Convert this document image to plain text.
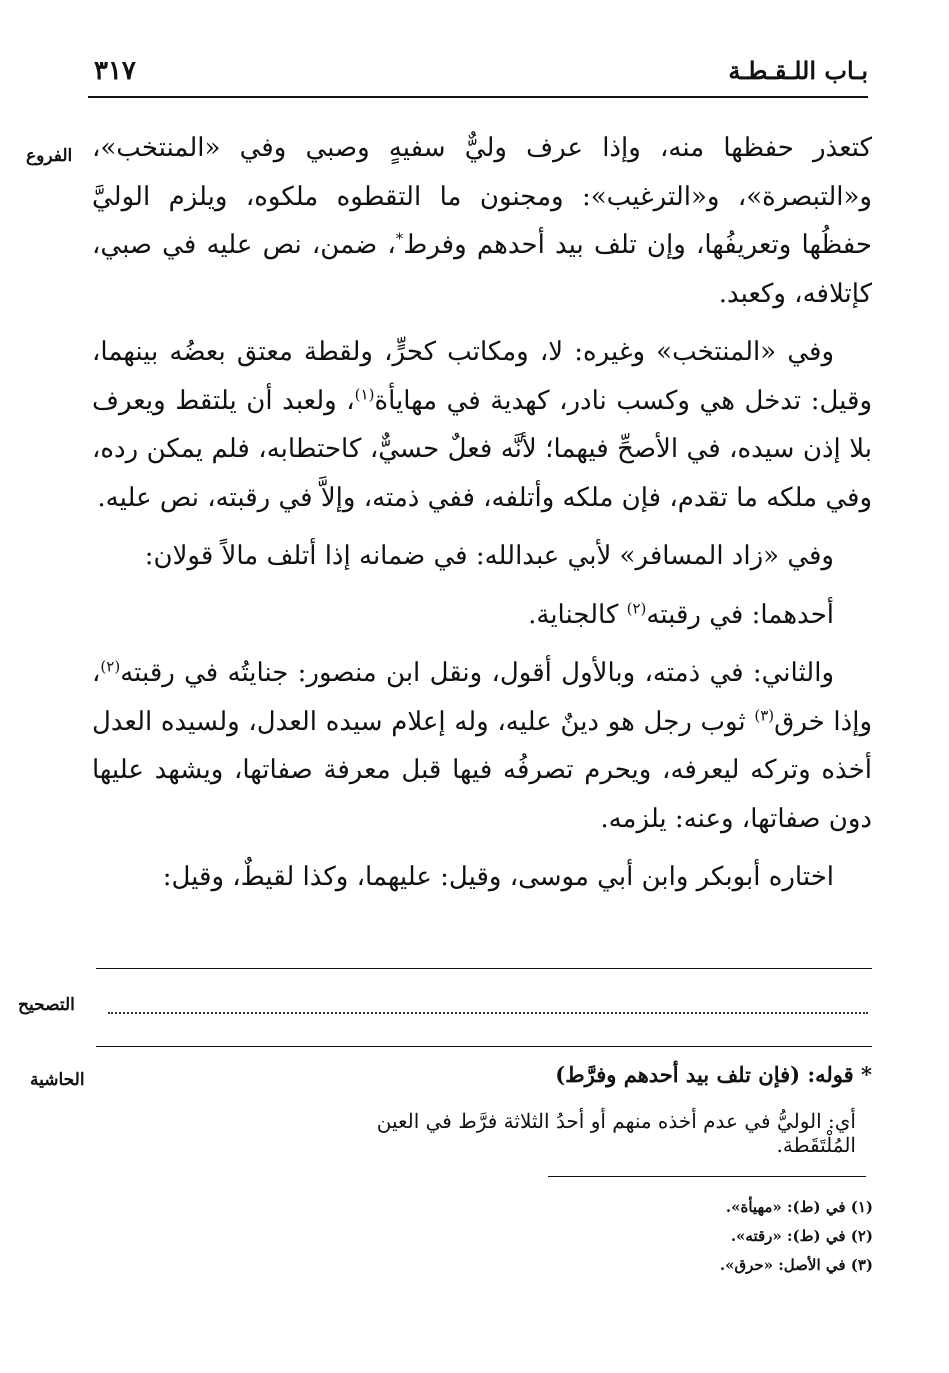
بـاب اللـقـطـة
٣١٧
الفروع كتعذر حفظها منه، وإذا عرف وليٌّ سفيهٍ وصبي وفي «المنتخب»، و«التبصرة»، و«الترغيب»: ومجنون ما التقطوه ملكوه، ويلزم الوليَّ حفظُها وتعريفُها، وإن تلف بيد أحدهم وفرط*، ضمن، نص عليه في صبي، كإتلافه، وكعبد.

وفي «المنتخب» وغيره: لا، ومكاتب كحرٍّ، ولقطة معتق بعضُه بينهما، وقيل: تدخل هي وكسب نادر، كهدية في مهايأة$^{(١)}$، ولعبد أن يلتقط ويعرف بلا إذن سيده، في الأصحِّ فيهما؛ لأنَّه فعلٌ حسيٌّ، كاحتطابه، فلم يمكن رده، وفي ملكه ما تقدم، فإن ملكه وأتلفه، ففي ذمته، وإلاَّ في رقبته، نص عليه.

وفي «زاد المسافر» لأبي عبدالله: في ضمانه إذا أتلف مالاً قولان:

أحدهما: في رقبته$^{(٢)}$ كالجناية.

والثاني: في ذمته، وبالأول أقول، ونقل ابن منصور: جنايتُه في رقبته$^{(٢)}$، وإذا خرق$^{(٣)}$ ثوب رجل هو دينٌ عليه، وله إعلام سيده العدل، ولسيده العدل أخذه وتركه ليعرفه، ويحرم تصرفُه فيها قبل معرفة صفاتها، ويشهد عليها دون صفاتها، وعنه: يلزمه.

اختاره أبوبكر وابن أبي موسى، وقيل: عليهما، وكذا لقيطٌ، وقيل:

التصحيح
الحاشية	* قوله: (فإن تلف بيد أحدهم وفرَّط)
أي: الوليُّ في عدم أخذه منهم أو أحدُ الثلاثة فرَّط في العين المُلْتَقَطة.
(١) في (ط): «مهيأة».
(٢) في (ط): «رقته».
(٣) في الأصل: «حرق».
